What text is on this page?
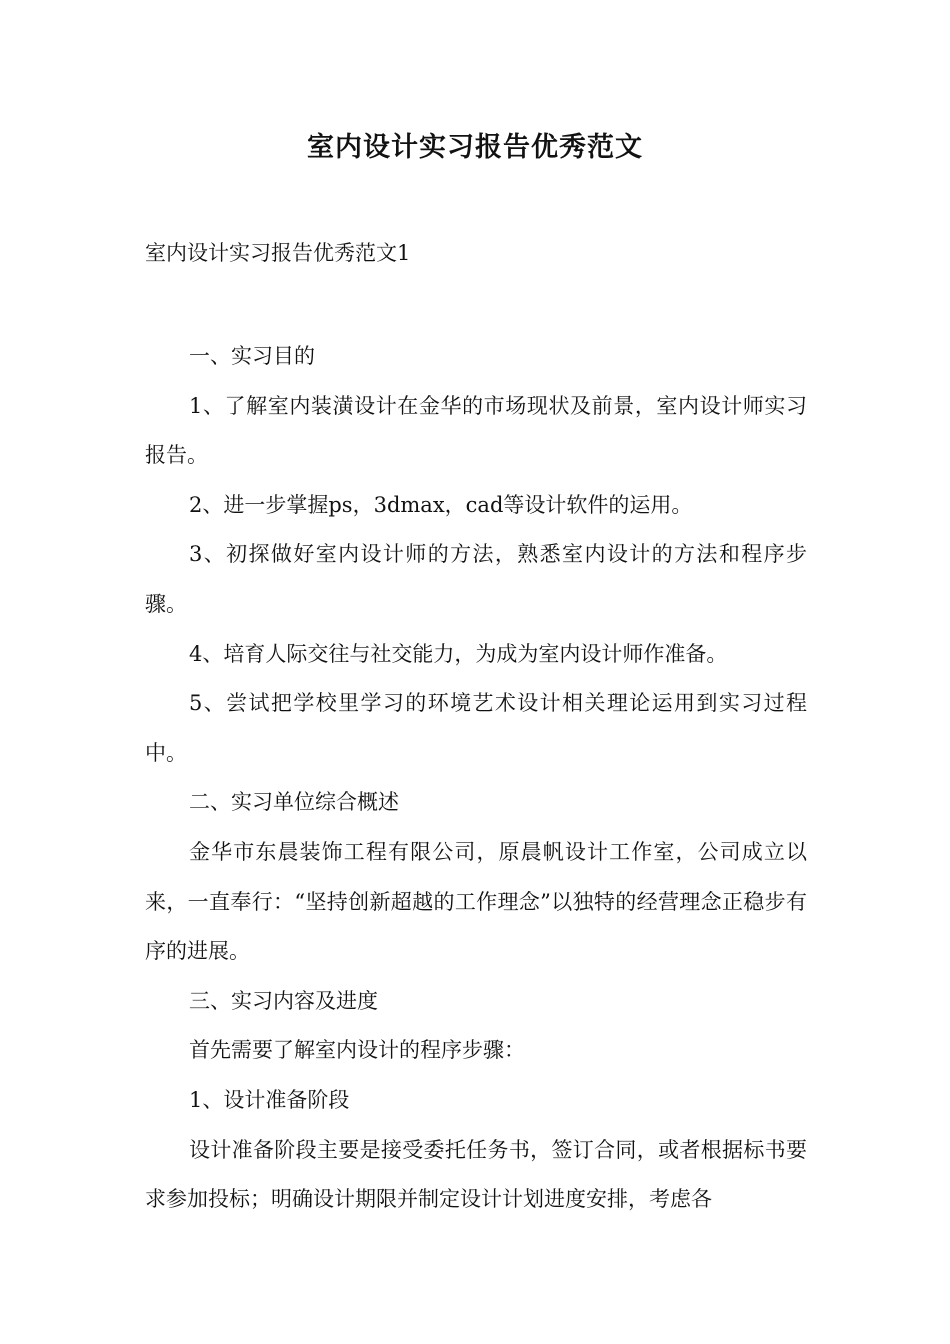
室内设计实习报告优秀范文
室内设计实习报告优秀范文1

一、实习目的

1、了解室内装潢设计在金华的市场现状及前景，室内设计师实习报告。

2、进一步掌握ps，3dmax，cad等设计软件的运用。

3、初探做好室内设计师的方法，熟悉室内设计的方法和程序步骤。

4、培育人际交往与社交能力，为成为室内设计师作准备。

5、尝试把学校里学习的环境艺术设计相关理论运用到实习过程中。

二、实习单位综合概述

金华市东晨装饰工程有限公司，原晨帆设计工作室，公司成立以来，一直奉行：“坚持创新超越的工作理念”以独特的经营理念正稳步有序的进展。

三、实习内容及进度

首先需要了解室内设计的程序步骤：

1、设计准备阶段

设计准备阶段主要是接受委托任务书，签订合同，或者根据标书要求参加投标；明确设计期限并制定设计计划进度安排，考虑各
